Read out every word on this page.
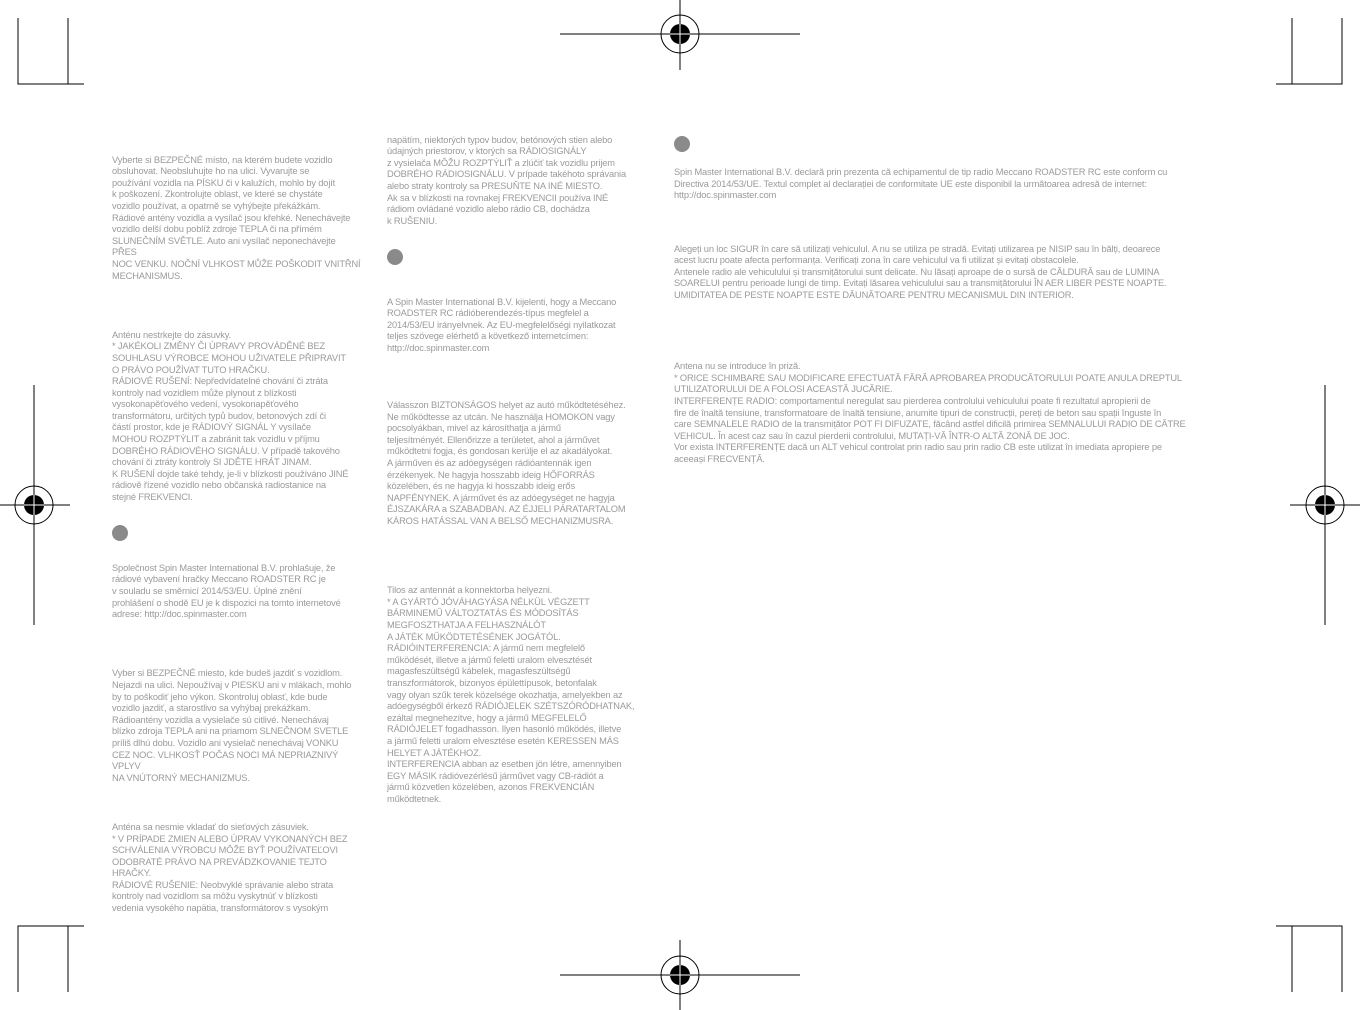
Vyberte si BEZPEČNÉ místo, na kterém budete vozidlo
obsluhovat. Neobsluhujte ho na ulici. Vyvarujte se
používání vozidla na PÍSKU či v kalužích, mohlo by dojít
k poškození. Zkontrolujte oblast, ve které se chystáte
vozidlo používat, a opatrně se vyhýbejte překážkám.
Rádiové antény vozidla a vysílač jsou křehké. Nenechávejte
vozidlo delší dobu poblíž zdroje TEPLA či na přímém
SLUNEČNÍM SVĚTLE. Auto ani vysílač neponechávejte PŘES
NOC VENKU. NOČNÍ VLHKOST MŮŽE POŠKODIT VNITŘNÍ
MECHANISMUS.

Anténu nestrkejte do zásuvky.
* JAKÉKOLI ZMĚNY ČI ÚPRAVY PROVÁDĚNÉ BEZ
SOUHLASU VÝROBCE MOHOU UŽIVATELE PŘIPRAVIT
O PRÁVO POUŽÍVAT TUTO HRAČKU.
RÁDIOVÉ RUŠENÍ: Nepředvídatelné chování či ztráta
kontroly nad vozidlem může plynout z blízkosti
vysokonapěťového vedení, vysokonapěťového
transformátoru, určitých typů budov, betonových zdí či
částí prostor, kde je RÁDIOVÝ SIGNÁL Y vysílače
MOHOU ROZPTÝLIT a zabránit tak vozidlu v příjmu
DOBRÉHO RÁDIOVÉHO SIGNÁLU. V případě takového
chování či ztráty kontroly SI JDĚTE HRÁT JINAM.
K RUŠENÍ dojde také tehdy, je-li v blízkosti používáno JINÉ
rádiově řízené vozidlo nebo občanská radiostanice na
stejné FREKVENCI.

Společnost Spin Master International B.V. prohlašuje, že
rádiové vybavení hračky Meccano ROADSTER RC je
v souladu se směrnicí 2014/53/EU. Úplné znění
prohlášení o shodě EU je k dispozici na tomto internetové
adrese: http://doc.spinmaster.com

Vyber si BEZPEČNÉ miesto, kde budeš jazdiť s vozidlom.
Nejazdi na ulici. Nepoužívaj v PIESKU ani v mlákach, mohlo
by to poškodiť jeho výkon. Skontroluj oblasť, kde bude
vozidlo jazdiť, a starostlivo sa vyhýbaj prekážkam.
Rádioantény vozidla a vysielače sú citlivé. Nenechávaj
blízko zdroja TEPLA ani na priamom SLNEČNOM SVETLE
príliš dlhú dobu. Vozidlo ani vysielač nenechávaj VONKU
CEZ NOC. VLHKOSŤ POČAS NOCI MÁ NEPRIAZNIVÝ VPLYV
NA VNÚTORNÝ MECHANIZMUS.

Anténa sa nesmie vkladať do sieťových zásuviek.
* V PRÍPADE ZMIEN ALEBO ÚPRAV VYKONANÝCH BEZ
SCHVÁLENIA VÝROBCU MÔŽE BYŤ POUŽÍVATEĽOVI
ODOBRATÉ PRÁVO NA PREVÁDZKOVANIE TEJTO HRAČKY.
RÁDIOVÉ RUŠENIE: Neobvyklé správanie alebo strata
kontroly nad vozidlom sa môžu vyskytnúť v blízkosti
vedenia vysokého napätia, transformátorov s vysokým

napätím, niektorých typov budov, betónových stien alebo
údajných priestorov, v ktorých sa RÁDIOSIGNÁLY
z vysielača MÔŽU ROZPTÝLIŤ a zlúčiť tak vozidlu prijem
DOBRÉHO RÁDIOSIGNÁLU. V prípade takéhoto správania
alebo straty kontroly sa PRESUŇTE NA INÉ MIESTO.
Ak sa v blízkosti na rovnakej FREKVENCII používa INÉ
rádiom ovládané vozidlo alebo rádio CB, dochádza
k RUŠENIU.

A Spin Master International B.V. kijelenti, hogy a Meccano
ROADSTER RC rádióberendezés-típus megfelel a
2014/53/EU irányelvnek. Az EU-megfelelőségi nyilatkozat
teljes szövege elérhető a következő internetcímen:
http://doc.spinmaster.com

Válasszon BIZTONSÁGOS helyet az autó működtetéséhez.
Ne működtesse az utcán. Ne használja HOMOKON vagy
pocsolyákban, mivel az károsíthatja a jármű
teljesítményét. Ellenőrizze a területet, ahol a járművet
működtetni fogja, és gondosan kerülje el az akadályokat.
A járműven és az adóegységen rádióantennák igen
érzékenyek. Ne hagyja hosszabb ideig HŐFORRÁS
közelében, és ne hagyja ki hosszabb ideig erős
NAPFÉNYNEK. A járművet és az adóegységet ne hagyja
ÉJSZAKÁRA a SZABADBAN. AZ ÉJJELI PÁRATARTALOM
KÁROS HATÁSSAL VAN A BELSŐ MECHANIZMUSRA.

Tilos az antennát a konnektorba helyezni.
* A GYÁRTÓ JÓVÁHAGYÁSA NÉLKÜL VÉGZETT
BÁRMINEMŰ VÁLTOZTATÁS ÉS MÓDOSÍTÁS
MEGFOSZTHATJA A FELHASZNÁLÓT
A JÁTÉK MŰKÖDTETÉSÉNEK JOGÁTÓL.
RÁDIÓINTERFERENCIA: A jármű nem megfelelő
működését, illetve a jármű feletti uralom elvesztését
magasfeszültségű kábelek, magasfeszültségű
transzformátorok, bizonyos épülettípusok, betonfalak
vagy olyan szűk terek közelsége okozhatja, amelyekben az
adóegységből érkező RÁDIÓJELEK SZÉTSZÓRÓDHATNAK,
ezáltal megnehezítve, hogy a jármű MEGFELELŐ
RÁDIÓJELET fogadhasson. Ilyen hasonló működés, illetve
a jármű feletti uralom elvesztése esetén KERESSEN MÁS
HELYET A JÁTÉKHOZ.
INTERFERENCIA abban az esetben jön létre, amennyiben
EGY MÁSIK rádióvezérlésű járművet vagy CB-rádiót a
jármű közvetlen közelében, azonos FREKVENCIÁN
működtetnek.

Spin Master International B.V. declară prin prezenta că echipamentul de tip radio Meccano ROADSTER RC este conform cu
Directiva 2014/53/UE. Textul complet al declarației de conformitate UE este disponibil la următoarea adresă de internet:
http://doc.spinmaster.com

Alegeți un loc SIGUR în care să utilizați vehiculul. A nu se utiliza pe stradă. Evitați utilizarea pe NISIP sau în bălți, deoarece
acest lucru poate afecta performanța. Verificați zona în care vehiculul va fi utilizat și evitați obstacolele.
Antenele radio ale vehiculului și transmițătorului sunt delicate. Nu lăsați aproape de o sursă de CĂLDURĂ sau de LUMINA
SOARELUI pentru perioade lungi de timp. Evitați lăsarea vehiculului sau a transmițătorului ÎN AER LIBER PESTE NOAPTE.
UMIDITATEA DE PESTE NOAPTE ESTE DĂUNĂTOARE PENTRU MECANISMUL DIN INTERIOR.

Antena nu se introduce în priză.
* ORICE SCHIMBARE SAU MODIFICARE EFECTUATĂ FĂRĂ APROBAREA PRODUCĂTORULUI POATE ANULA DREPTUL
UTILIZATORULUI DE A FOLOSI ACEASTĂ JUCĂRIE.
INTERFERENȚE RADIO: comportamentul neregulat sau pierderea controlului vehiculului poate fi rezultatul apropierii de
fire de înaltă tensiune, transformatoare de înaltă tensiune, anumite tipuri de construcții, pereți de beton sau spații înguste în
care SEMNALELE RADIO de la transmițător POT FI DIFUZATE, făcând astfel dificilă primirea SEMNALULUI RADIO DE CĂTRE
VEHICUL. În acest caz sau în cazul pierderii controlului, MUTAȚI-VĂ ÎNTR-O ALTĂ ZONĂ DE JOC.
Vor exista INTERFERENȚE dacă un ALT vehicul controlat prin radio sau prin radio CB este utilizat în imediata apropiere pe
aceeași FRECVENȚĂ.
